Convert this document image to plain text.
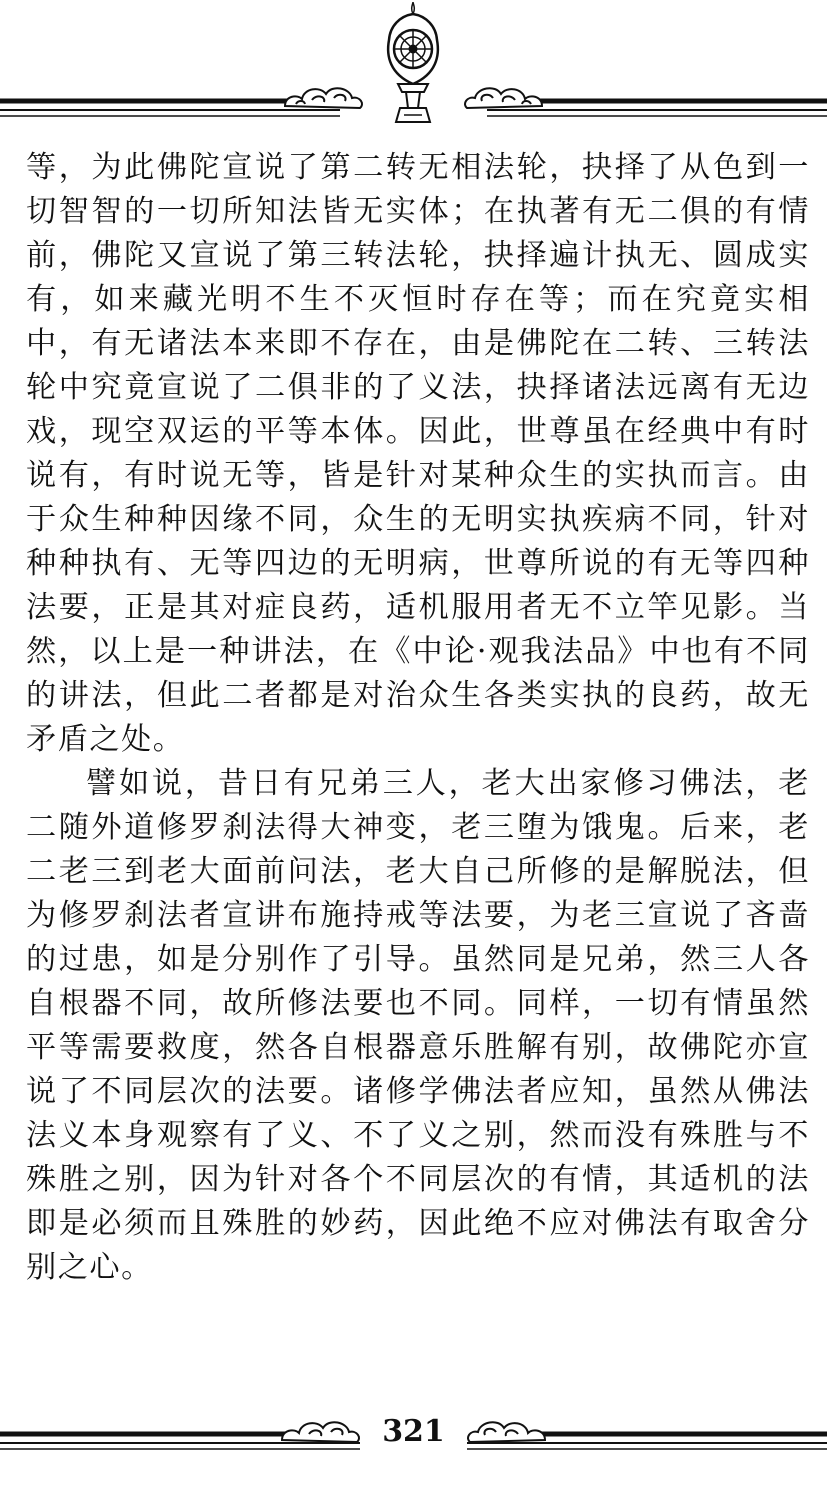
等，为此佛陀宣说了第二转无相法轮，抉择了从色到一切智智的一切所知法皆无实体；在执著有无二俱的有情前，佛陀又宣说了第三转法轮，抉择遍计执无、圆成实有，如来藏光明不生不灭恒时存在等；而在究竟实相中，有无诸法本来即不存在，由是佛陀在二转、三转法轮中究竟宣说了二俱非的了义法，抉择诸法远离有无边戏，现空双运的平等本体。因此，世尊虽在经典中有时说有，有时说无等，皆是针对某种众生的实执而言。由于众生种种因缘不同，众生的无明实执疾病不同，针对种种执有、无等四边的无明病，世尊所说的有无等四种法要，正是其对症良药，适机服用者无不立竿见影。当然，以上是一种讲法，在《中论·观我法品》中也有不同的讲法，但此二者都是对治众生各类实执的良药，故无矛盾之处。

譬如说，昔日有兄弟三人，老大出家修习佛法，老二随外道修罗刹法得大神变，老三堕为饿鬼。后来，老二老三到老大面前问法，老大自己所修的是解脱法，但为修罗刹法者宣讲布施持戒等法要，为老三宣说了吝啬的过患，如是分别作了引导。虽然同是兄弟，然三人各自根器不同，故所修法要也不同。同样，一切有情虽然平等需要救度，然各自根器意乐胜解有别，故佛陀亦宣说了不同层次的法要。诸修学佛法者应知，虽然从佛法法义本身观察有了义、不了义之别，然而没有殊胜与不殊胜之别，因为针对各个不同层次的有情，其适机的法即是必须而且殊胜的妙药，因此绝不应对佛法有取舍分别之心。

321
